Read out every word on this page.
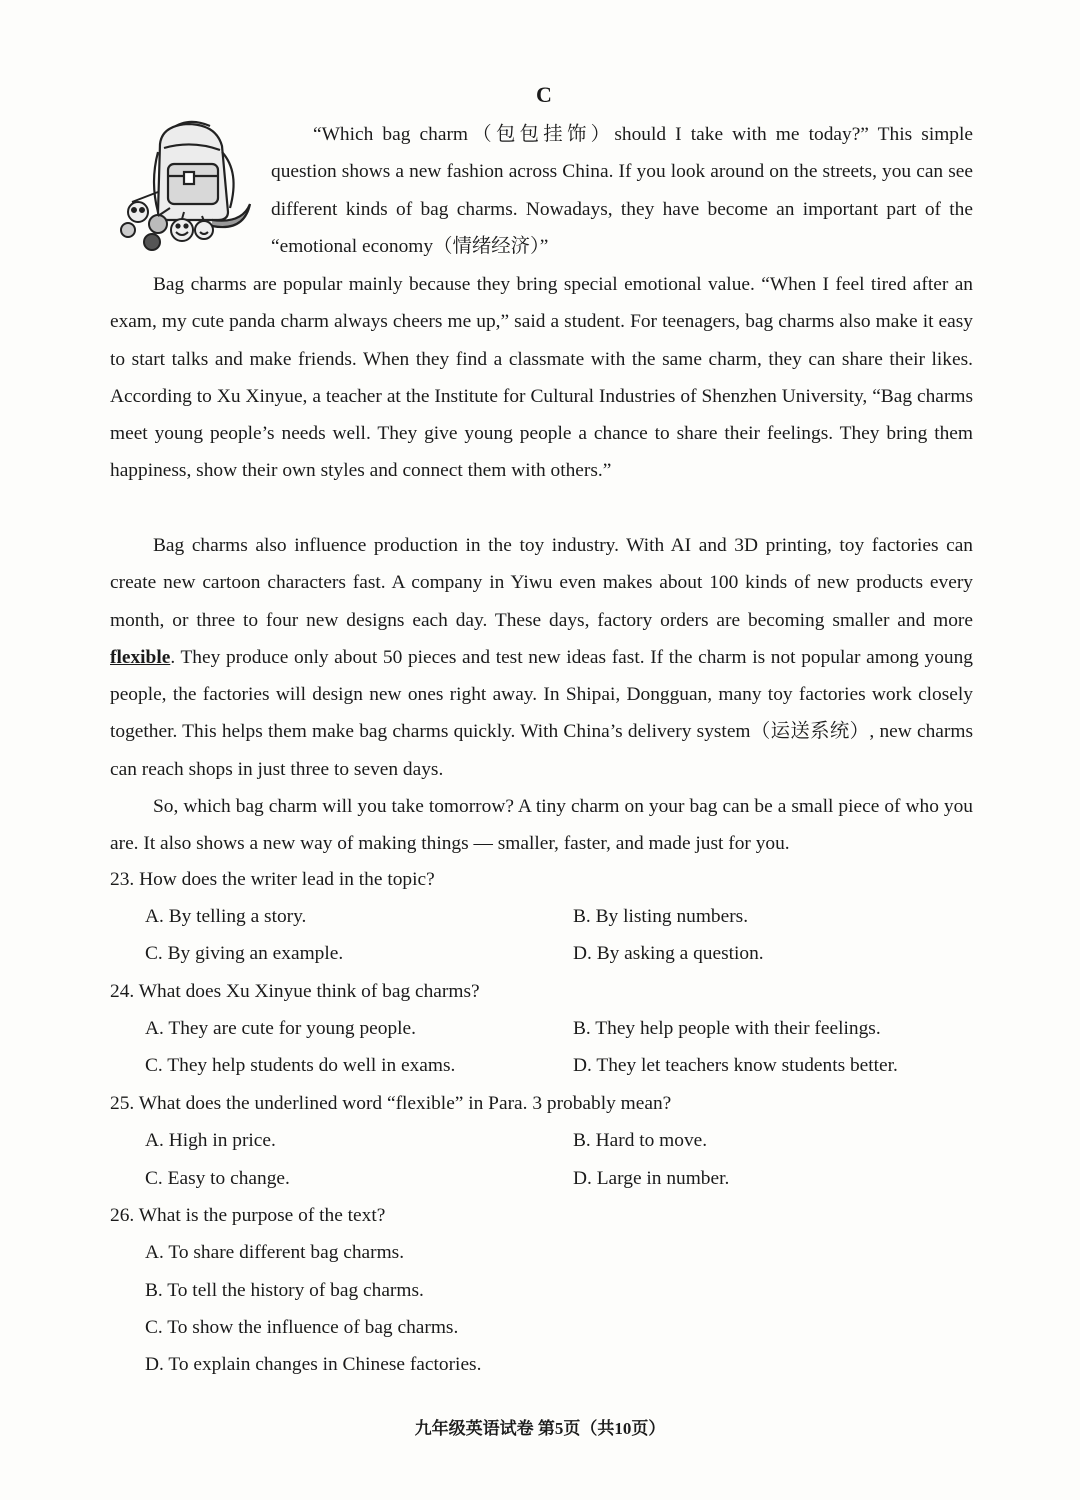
C
“Which bag charm（包包挂饰）should I take with me today?” This simple question shows a new fashion across China. If you look around on the streets, you can see different kinds of bag charms. Nowadays, they have become an important part of the “emotional economy（情绪经济）”
Bag charms are popular mainly because they bring special emotional value. “When I feel tired after an exam, my cute panda charm always cheers me up,” said a student. For teenagers, bag charms also make it easy to start talks and make friends. When they find a classmate with the same charm, they can share their likes. According to Xu Xinyue, a teacher at the Institute for Cultural Industries of Shenzhen University, “Bag charms meet young people’s needs well. They give young people a chance to share their feelings. They bring them happiness, show their own styles and connect them with others.”
Bag charms also influence production in the toy industry. With AI and 3D printing, toy factories can create new cartoon characters fast. A company in Yiwu even makes about 100 kinds of new products every month, or three to four new designs each day. These days, factory orders are becoming smaller and more flexible. They produce only about 50 pieces and test new ideas fast. If the charm is not popular among young people, the factories will design new ones right away. In Shipai, Dongguan, many toy factories work closely together. This helps them make bag charms quickly. With China’s delivery system（运送系统）, new charms can reach shops in just three to seven days.
So, which bag charm will you take tomorrow? A tiny charm on your bag can be a small piece of who you are. It also shows a new way of making things — smaller, faster, and made just for you.
23. How does the writer lead in the topic?
A. By telling a story.	B. By listing numbers.
C. By giving an example.	D. By asking a question.
24. What does Xu Xinyue think of bag charms?
A. They are cute for young people.	B. They help people with their feelings.
C. They help students do well in exams.	D. They let teachers know students better.
25. What does the underlined word “flexible” in Para. 3 probably mean?
A. High in price.	B. Hard to move.
C. Easy to change.	D. Large in number.
26. What is the purpose of the text?
A. To share different bag charms.
B. To tell the history of bag charms.
C. To show the influence of bag charms.
D. To explain changes in Chinese factories.
九年级英语试卷 第5页（共10页）
